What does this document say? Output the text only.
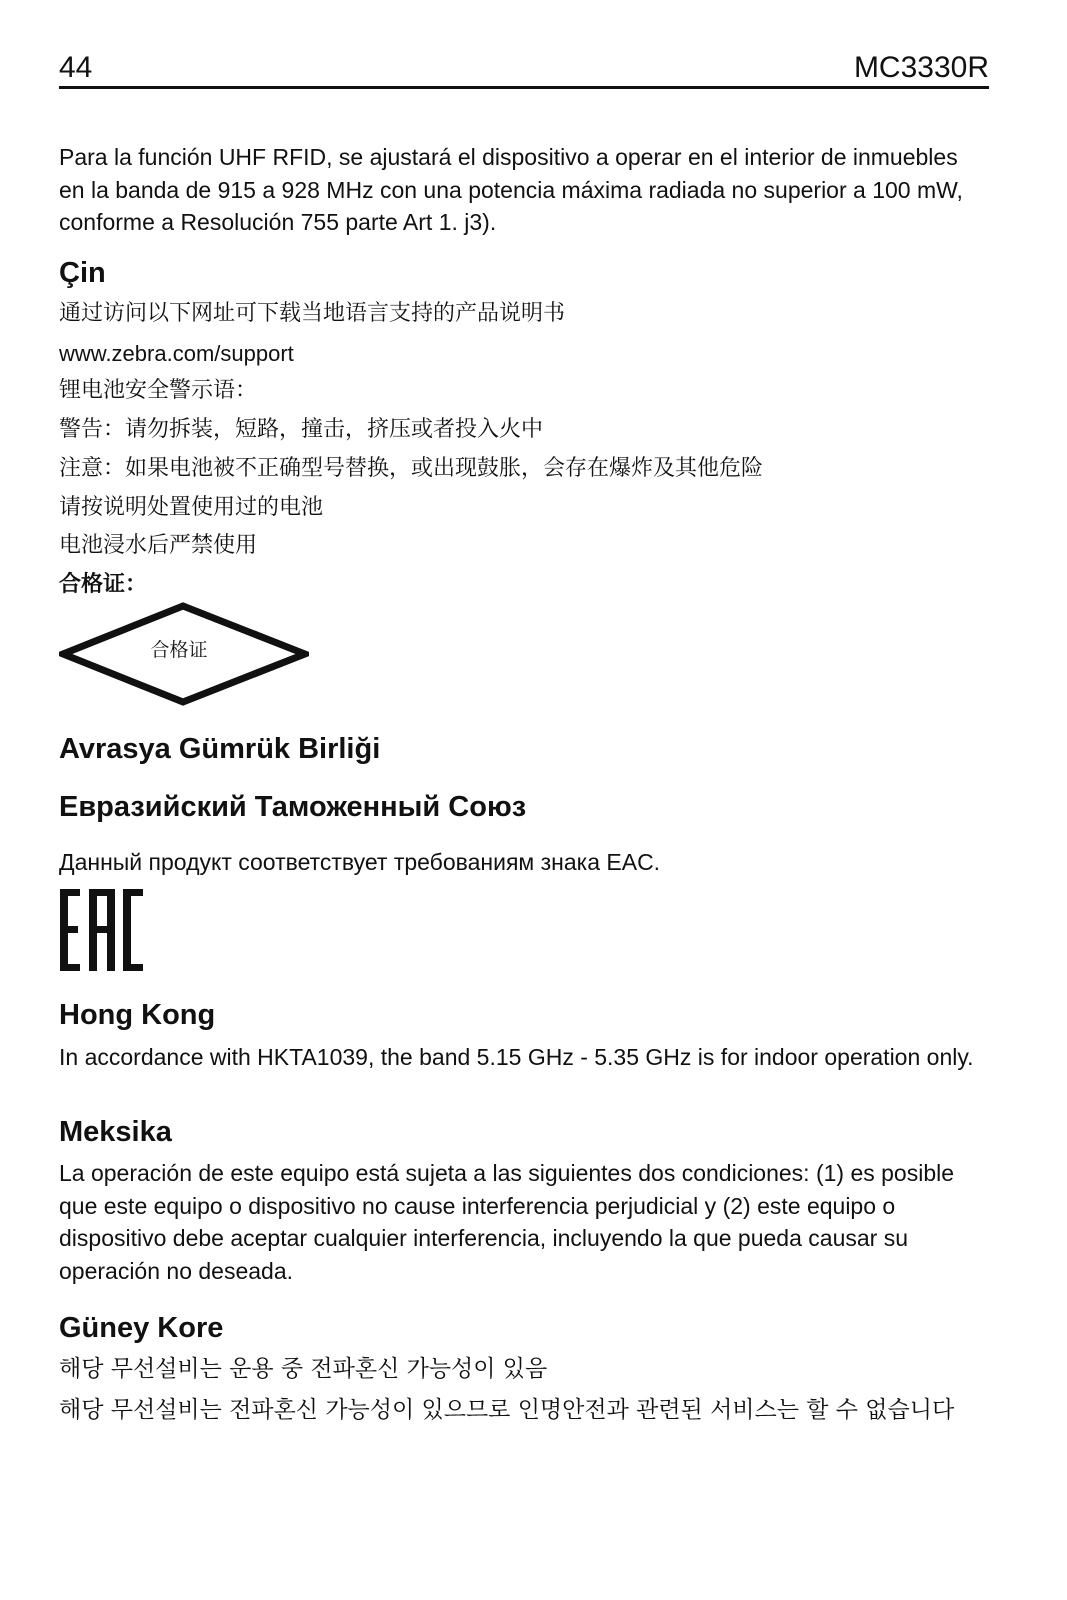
44	MC3330R

Para la función UHF RFID, se ajustará el dispositivo a operar en el interior de inmuebles en la banda de 915 a 928 MHz con una potencia máxima radiada no superior a 100 mW, conforme a Resolución 755 parte Art 1. j3).

Çin

通过访问以下网址可下载当地语言支持的产品说明书

www.zebra.com/support

锂电池安全警示语：

警告：请勿拆装，短路，撞击，挤压或者投入火中

注意：如果电池被不正确型号替换，或出现鼓胀，会存在爆炸及其他危险

请按说明处置使用过的电池

电池浸水后严禁使用

合格证：

合格证
Avrasya Gümrük Birliği
Евразийский Таможенный Союз

Данный продукт соответствует требованиям знака EAC.

Hong Kong

In accordance with HKTA1039, the band 5.15 GHz - 5.35 GHz is for indoor operation only.

Meksika

La operación de este equipo está sujeta a las siguientes dos condiciones: (1) es posible que este equipo o dispositivo no cause interferencia perjudicial y (2) este equipo o dispositivo debe aceptar cualquier interferencia, incluyendo la que pueda causar su operación no deseada.

Güney Kore

해당 무선설비는 운용 중 전파혼신 가능성이 있음

해당 무선설비는 전파혼신 가능성이 있으므로 인명안전과 관련된 서비스는 할 수 없습니다
